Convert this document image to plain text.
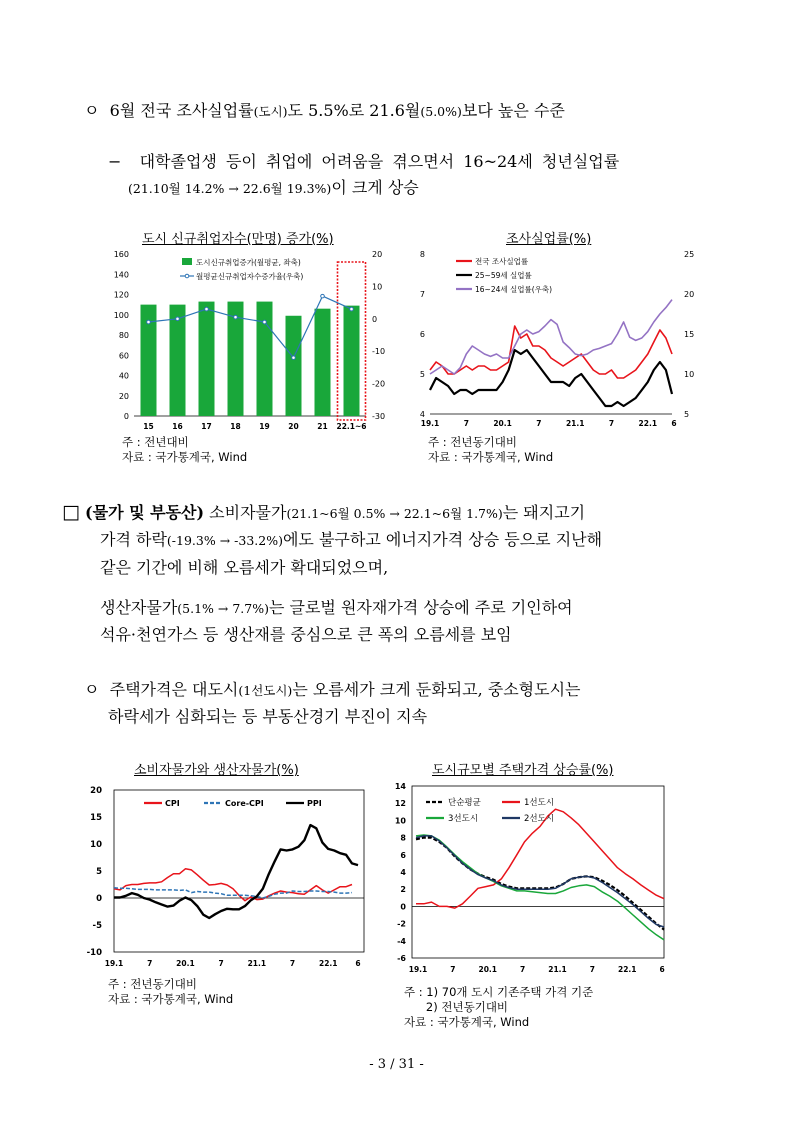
ㅇ 6월 전국 조사실업률(도시)도 5.5%로 21.6월(5.0%)보다 높은 수준
− 대학졸업생 등이 취업에 어려움을 겪으면서 16~24세 청년실업률
(21.10월 14.2% → 22.6월 19.3%)이 크게 상승
도시 신규취업자수(만명) 증가(%)	조사실업률(%)
0
20
40
60
80
100
120
140
160
-30
-20
-10
0
10
20
15 16 17 18 19 20 21 22.1~6
도시신규취업증가(월평균, 좌축)
월평균신규취업자수증가율(우축)
4
5
6
7
8
5
10
15
20
25
19.1	7	20.1	7	21.1	7	22.1 6
전국 조사실업률
25~59세 실업률
16~24세 실업률(우축)
주 : 전년대비
자료 : 국가통계국, Wind
주 : 전년동기대비
자료 : 국가통계국, Wind
□ (물가 및 부동산) 소비자물가(21.1~6월 0.5% → 22.1~6월 1.7%)는 돼지고기
가격 하락(-19.3% → -33.2%)에도 불구하고 에너지가격 상승 등으로 지난해
같은 기간에 비해 오름세가 확대되었으며,
생산자물가(5.1% → 7.7%)는 글로벌 원자재가격 상승에 주로 기인하여
석유·천연가스 등 생산재를 중심으로 큰 폭의 오름세를 보임
ㅇ 주택가격은 대도시(1선도시)는 오름세가 크게 둔화되고, 중소형도시는
하락세가 심화되는 등 부동산경기 부진이 지속
소비자물가와 생산자물가(%)	도시규모별 주택가격 상승률(%)
-10
-5
0
5
10
15
20
19.1	7	20.1	7	21.1	7	22.1 6
CPI	Core-CPI	PPI
-6
-4
-2
0
2
4
6
8
10
12
14
19.1	7	20.1	7	21.1	7	22.1	6
단순평균	1선도시
3선도시	2선도시
주 : 전년동기대비
자료 : 국가통계국, Wind	주 : 1) 70개 도시 기존주택 가격 기준
2) 전년동기대비
자료 : 국가통계국, Wind
- 3 / 31 -
